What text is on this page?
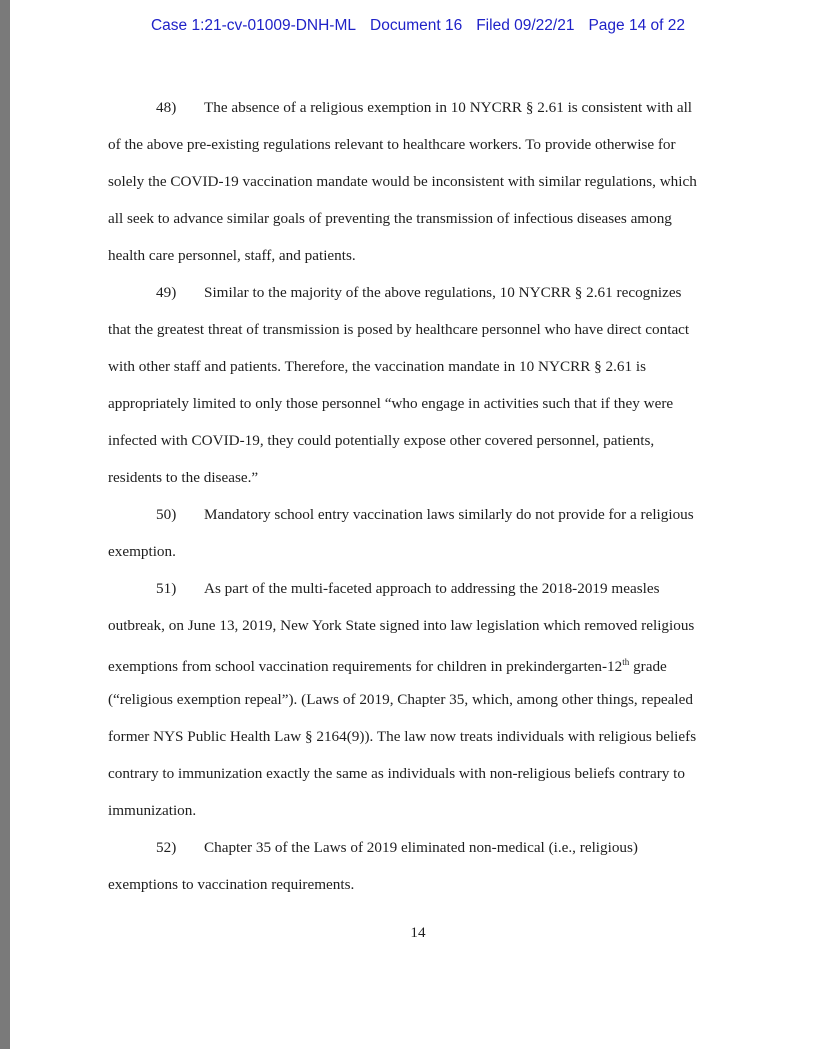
Case 1:21-cv-01009-DNH-ML Document 16 Filed 09/22/21 Page 14 of 22
48) The absence of a religious exemption in 10 NYCRR § 2.61 is consistent with all
of the above pre-existing regulations relevant to healthcare workers. To provide otherwise for
solely the COVID-19 vaccination mandate would be inconsistent with similar regulations, which
all seek to advance similar goals of preventing the transmission of infectious diseases among
health care personnel, staff, and patients.
49) Similar to the majority of the above regulations, 10 NYCRR § 2.61 recognizes
that the greatest threat of transmission is posed by healthcare personnel who have direct contact
with other staff and patients. Therefore, the vaccination mandate in 10 NYCRR § 2.61 is
appropriately limited to only those personnel “who engage in activities such that if they were
infected with COVID-19, they could potentially expose other covered personnel, patients,
residents to the disease.”
50) Mandatory school entry vaccination laws similarly do not provide for a religious
exemption.
51) As part of the multi-faceted approach to addressing the 2018-2019 measles
outbreak, on June 13, 2019, New York State signed into law legislation which removed religious
exemptions from school vaccination requirements for children in prekindergarten-12th grade
(“religious exemption repeal”). (Laws of 2019, Chapter 35, which, among other things, repealed
former NYS Public Health Law § 2164(9)). The law now treats individuals with religious beliefs
contrary to immunization exactly the same as individuals with non-religious beliefs contrary to
immunization.
52) Chapter 35 of the Laws of 2019 eliminated non-medical (i.e., religious)
exemptions to vaccination requirements.
14
